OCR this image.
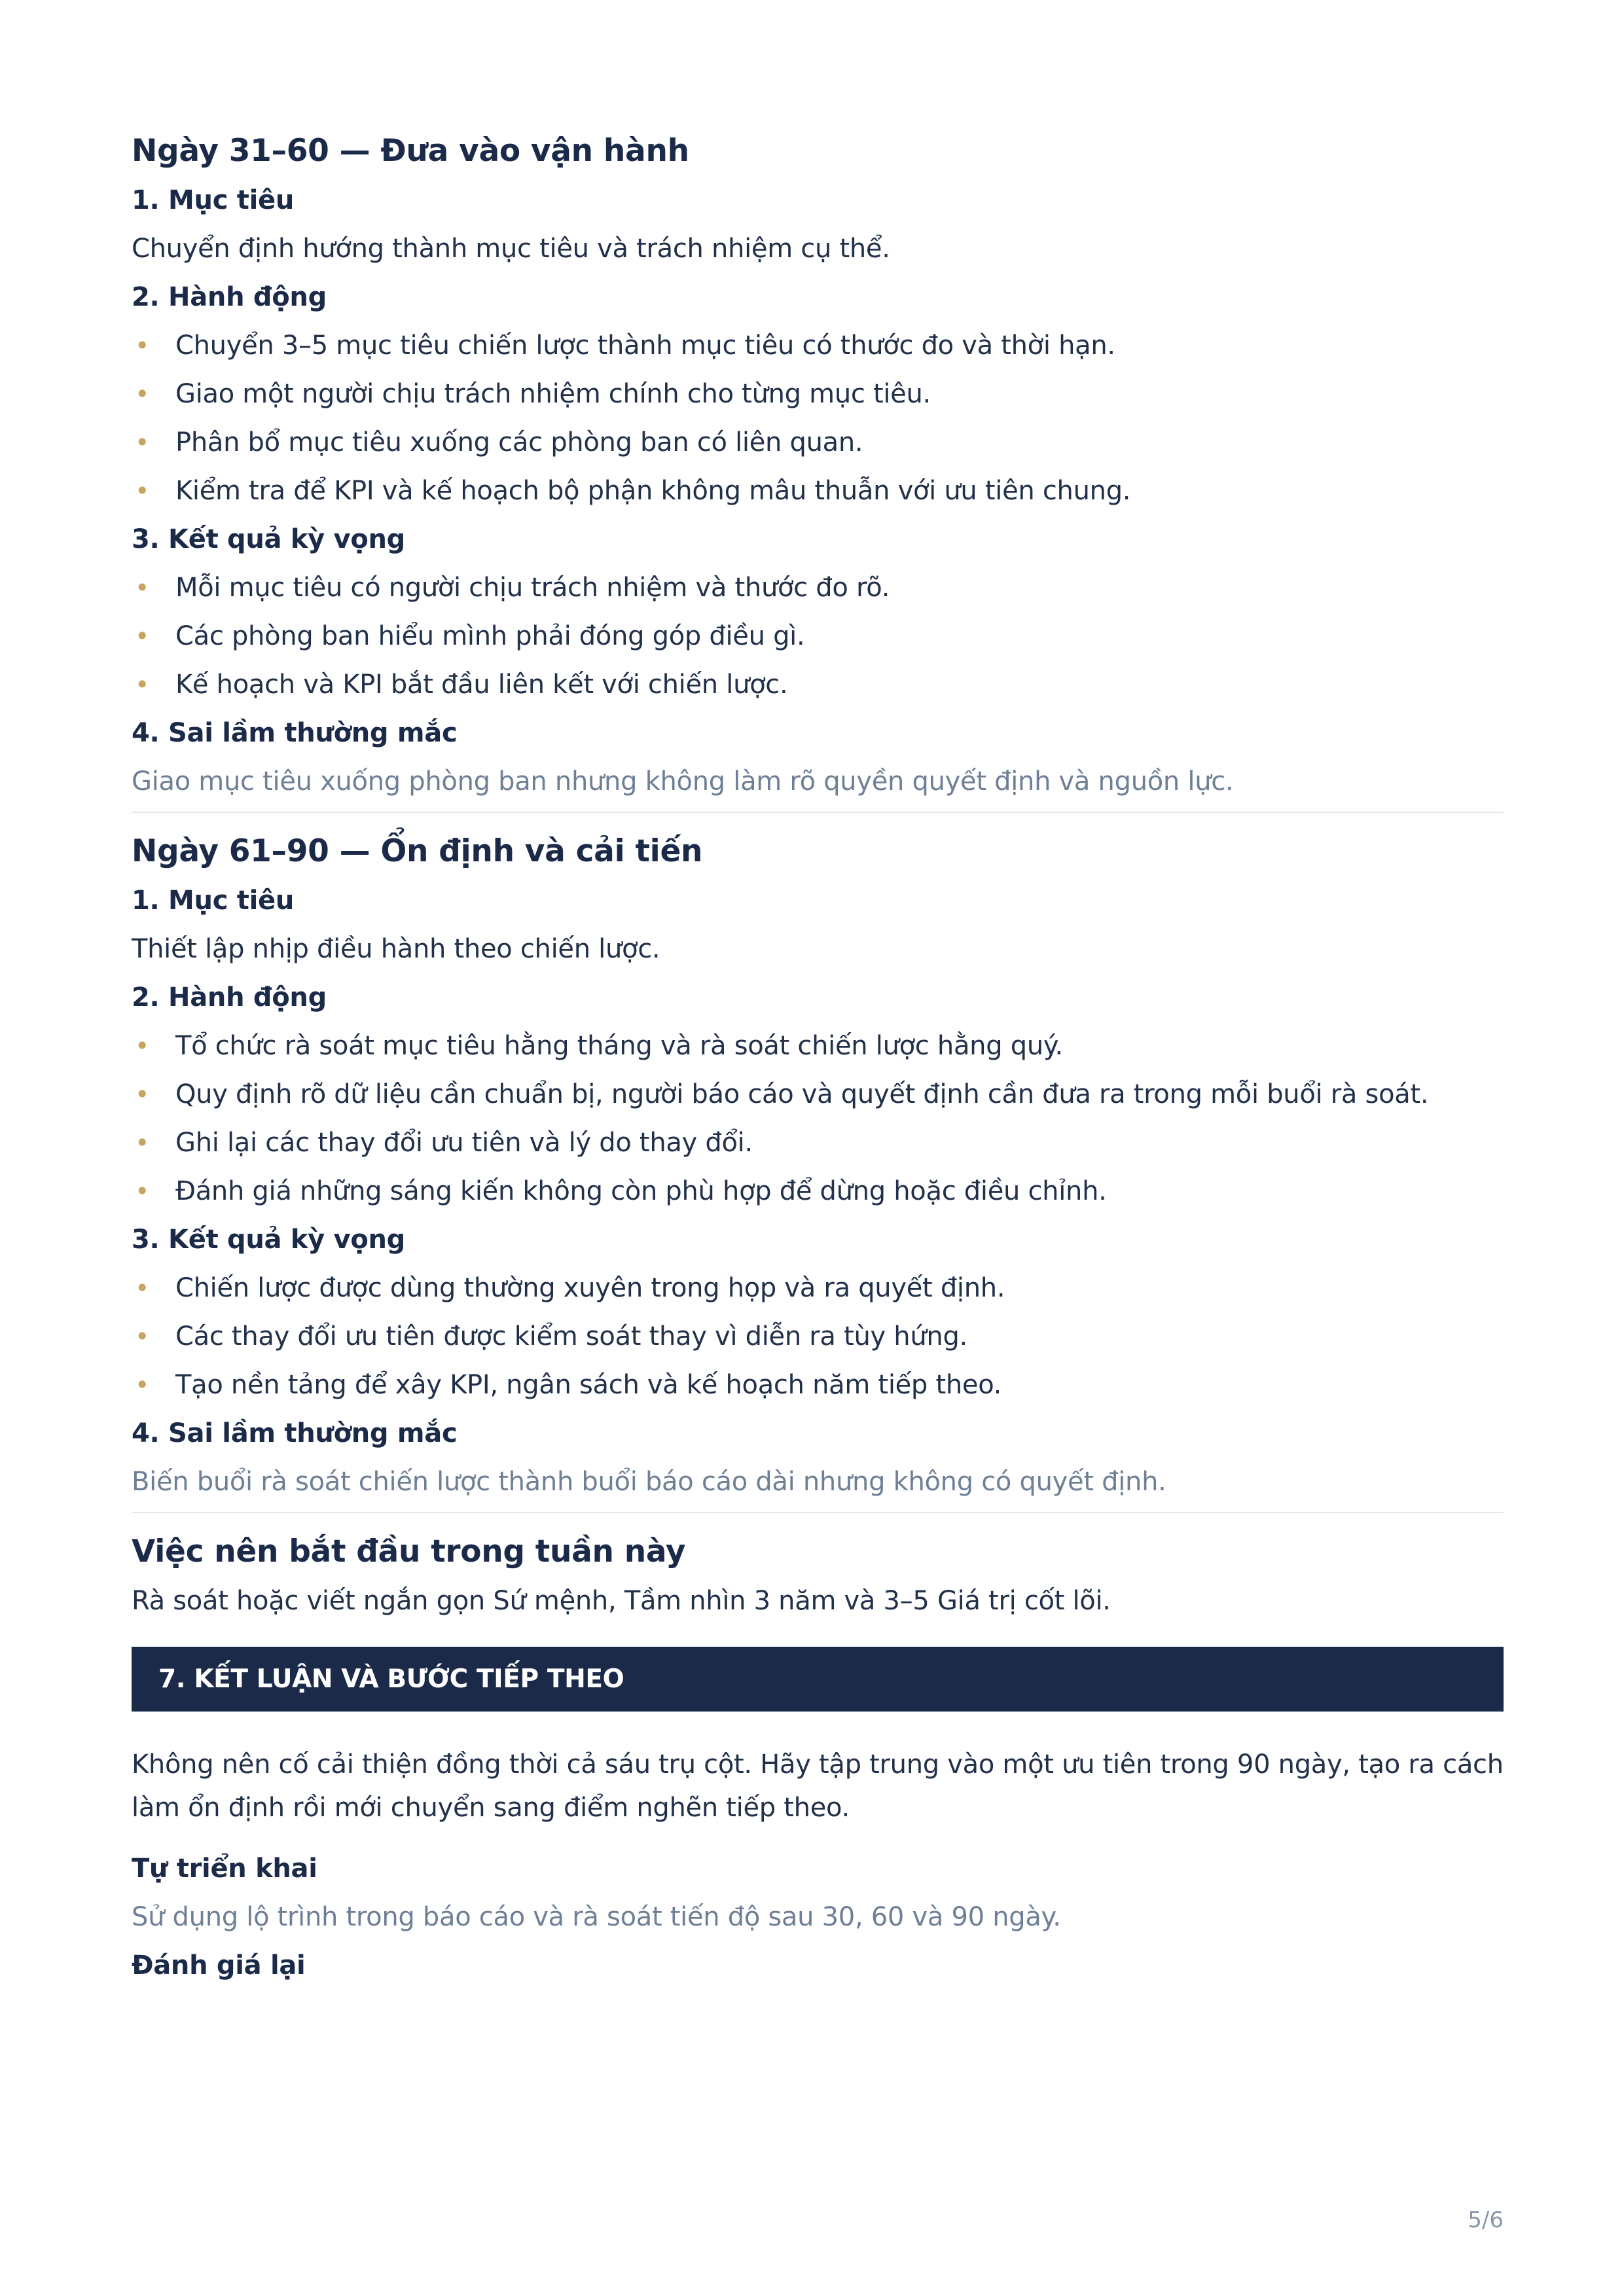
Ngày 31–60 — Đưa vào vận hành
1. Mục tiêu
Chuyển định hướng thành mục tiêu và trách nhiệm cụ thể.
2. Hành động
• Chuyển 3–5 mục tiêu chiến lược thành mục tiêu có thước đo và thời hạn.
• Giao một người chịu trách nhiệm chính cho từng mục tiêu.
• Phân bổ mục tiêu xuống các phòng ban có liên quan.
• Kiểm tra để KPI và kế hoạch bộ phận không mâu thuẫn với ưu tiên chung.
3. Kết quả kỳ vọng
• Mỗi mục tiêu có người chịu trách nhiệm và thước đo rõ.
• Các phòng ban hiểu mình phải đóng góp điều gì.
• Kế hoạch và KPI bắt đầu liên kết với chiến lược.
4. Sai lầm thường mắc
Giao mục tiêu xuống phòng ban nhưng không làm rõ quyền quyết định và nguồn lực.
Ngày 61–90 — Ổn định và cải tiến
1. Mục tiêu
Thiết lập nhịp điều hành theo chiến lược.
2. Hành động
• Tổ chức rà soát mục tiêu hằng tháng và rà soát chiến lược hằng quý.
• Quy định rõ dữ liệu cần chuẩn bị, người báo cáo và quyết định cần đưa ra trong mỗi buổi rà soát.
• Ghi lại các thay đổi ưu tiên và lý do thay đổi.
• Đánh giá những sáng kiến không còn phù hợp để dừng hoặc điều chỉnh.
3. Kết quả kỳ vọng
• Chiến lược được dùng thường xuyên trong họp và ra quyết định.
• Các thay đổi ưu tiên được kiểm soát thay vì diễn ra tùy hứng.
• Tạo nền tảng để xây KPI, ngân sách và kế hoạch năm tiếp theo.
4. Sai lầm thường mắc
Biến buổi rà soát chiến lược thành buổi báo cáo dài nhưng không có quyết định.
Việc nên bắt đầu trong tuần này
Rà soát hoặc viết ngắn gọn Sứ mệnh, Tầm nhìn 3 năm và 3–5 Giá trị cốt lõi.
7. KẾT LUẬN VÀ BƯỚC TIẾP THEO
Không nên cố cải thiện đồng thời cả sáu trụ cột. Hãy tập trung vào một ưu tiên trong 90 ngày, tạo ra cách làm ổn định rồi mới chuyển sang điểm nghẽn tiếp theo.
Tự triển khai
Sử dụng lộ trình trong báo cáo và rà soát tiến độ sau 30, 60 và 90 ngày.
Đánh giá lại
5/6
